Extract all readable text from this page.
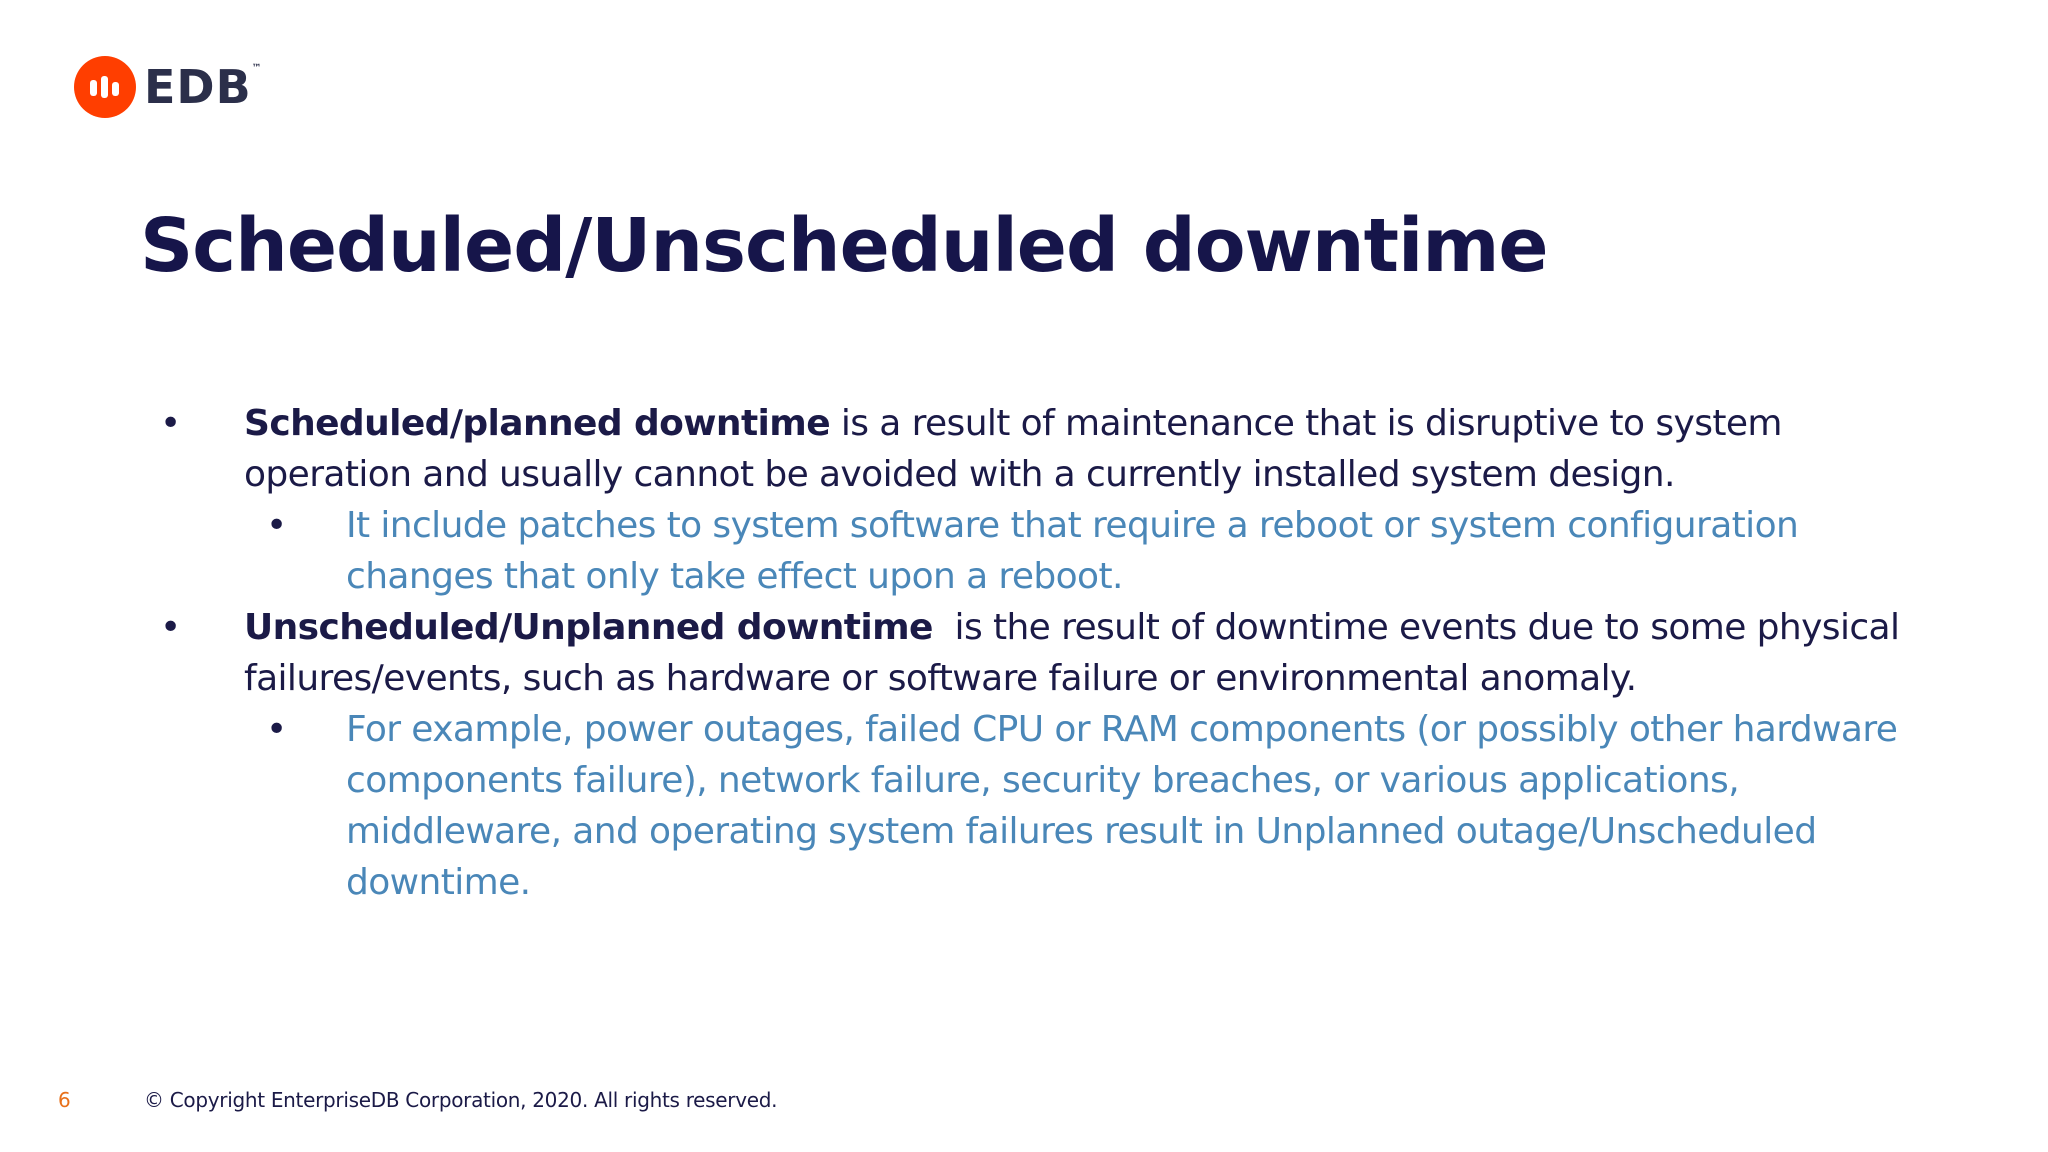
EDB™
Scheduled/Unscheduled downtime
• Scheduled/planned downtime is a result of maintenance that is disruptive to system operation and usually cannot be avoided with a currently installed system design.
• It include patches to system software that require a reboot or system configuration changes that only take effect upon a reboot.
• Unscheduled/Unplanned downtime  is the result of downtime events due to some physical failures/events, such as hardware or software failure or environmental anomaly.
• For example, power outages, failed CPU or RAM components (or possibly other hardware components failure), network failure, security breaches, or various applications, middleware, and operating system failures result in Unplanned outage/Unscheduled downtime.
6	© Copyright EnterpriseDB Corporation, 2020. All rights reserved.
